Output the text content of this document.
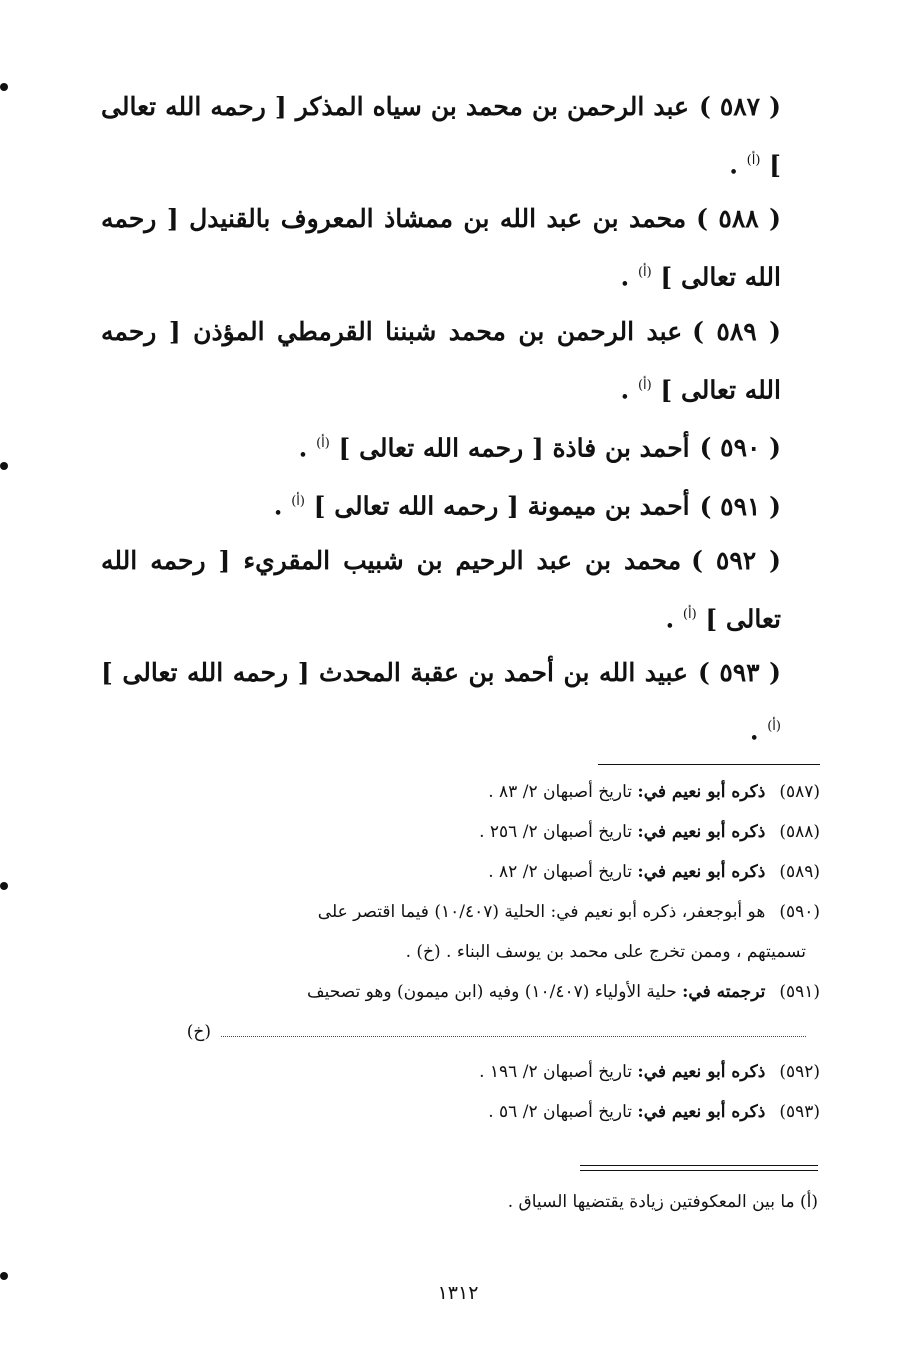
( ٥٨٧ )عبد الرحمن بن محمد بن سياه المذكر [ رحمه الله تعالى ] $^{(أ)}$ .
( ٥٨٨ )محمد بن عبد الله بن ممشاذ المعروف بالقنيدل [ رحمه الله تعالى ] $^{(أ)}$ .
( ٥٨٩ )عبد الرحمن بن محمد شبننا القرمطي المؤذن [ رحمه الله تعالى ] $^{(أ)}$ .
( ٥٩٠ )أحمد بن فاذة [ رحمه الله تعالى ] $^{(أ)}$ .
( ٥٩١ )أحمد بن ميمونة [ رحمه الله تعالى ] $^{(أ)}$ .
( ٥٩٢ )محمد بن عبد الرحيم بن شبيب المقريء [ رحمه الله تعالى ] $^{(أ)}$ .
( ٥٩٣ )عبيد الله بن أحمد بن عقبة المحدث [ رحمه الله تعالى ] $^{(أ)}$ .

(٥٨٧)ذكره أبو نعيم في: تاريخ أصبهان ٢/ ٨٣ .

(٥٨٨)ذكره أبو نعيم في: تاريخ أصبهان ٢/ ٢٥٦ .

(٥٨٩)ذكره أبو نعيم في: تاريخ أصبهان ٢/ ٨٢ .

(٥٩٠)هو أبوجعفر، ذكره أبو نعيم في: الحلية (١٠/٤٠٧) فيما اقتصر على
تسميتهم ، وممن تخرج على محمد بن يوسف البناء . (خ) .

(٥٩١)ترجمته في: حلية الأولياء (١٠/٤٠٧) وفيه (ابن ميمون) وهو تصحيف
(خ)

(٥٩٢)ذكره أبو نعيم في: تاريخ أصبهان ٢/ ١٩٦ .

(٥٩٣)ذكره أبو نعيم في: تاريخ أصبهان ٢/ ٥٦ .

(أ) ما بين المعكوفتين زيادة يقتضيها السياق .
١٣١٢
